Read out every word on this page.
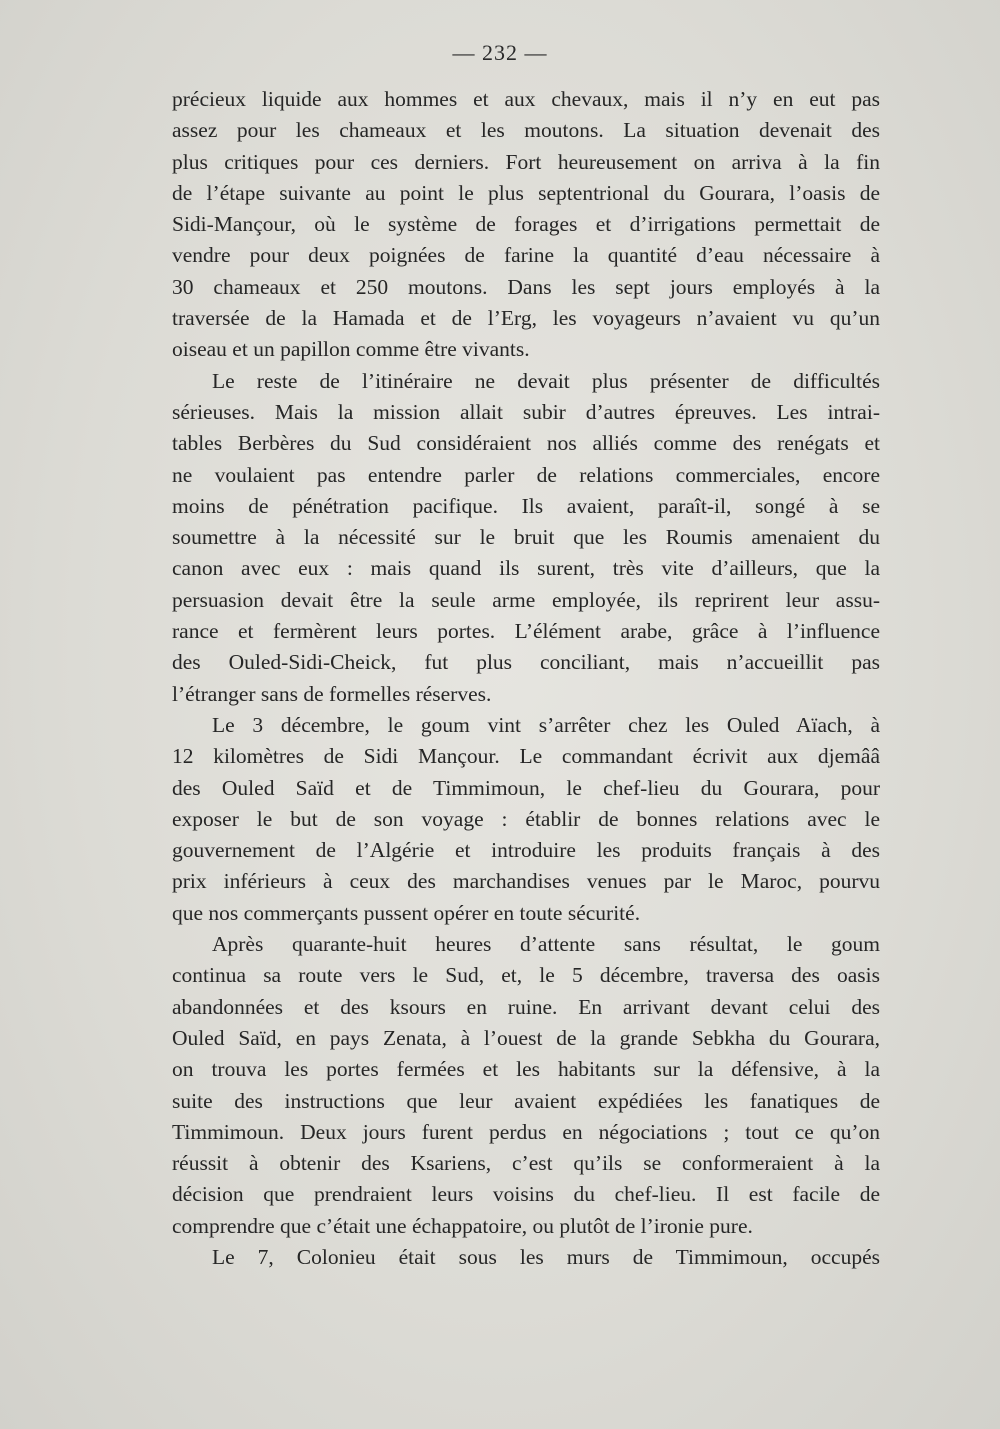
— 232 —

précieux liquide aux hommes et aux chevaux, mais il n’y en eut pas
assez pour les chameaux et les moutons. La situation devenait des
plus critiques pour ces derniers. Fort heureusement on arriva à la fin
de l’étape suivante au point le plus septentrional du Gourara, l’oasis de
Sidi-Mançour, où le système de forages et d’irrigations permettait de
vendre pour deux poignées de farine la quantité d’eau nécessaire à
30 chameaux et 250 moutons. Dans les sept jours employés à la
traversée de la Hamada et de l’Erg, les voyageurs n’avaient vu qu’un
oiseau et un papillon comme être vivants.

Le reste de l’itinéraire ne devait plus présenter de difficultés
sérieuses. Mais la mission allait subir d’autres épreuves. Les intrai-
tables Berbères du Sud considéraient nos alliés comme des renégats et
ne voulaient pas entendre parler de relations commerciales, encore
moins de pénétration pacifique. Ils avaient, paraît-il, songé à se
soumettre à la nécessité sur le bruit que les Roumis amenaient du
canon avec eux : mais quand ils surent, très vite d’ailleurs, que la
persuasion devait être la seule arme employée, ils reprirent leur assu-
rance et fermèrent leurs portes. L’élément arabe, grâce à l’influence
des Ouled-Sidi-Cheick, fut plus conciliant, mais n’accueillit pas
l’étranger sans de formelles réserves.

Le 3 décembre, le goum vint s’arrêter chez les Ouled Aïach, à
12 kilomètres de Sidi Mançour. Le commandant écrivit aux djemââ
des Ouled Saïd et de Timmimoun, le chef-lieu du Gourara, pour
exposer le but de son voyage : établir de bonnes relations avec le
gouvernement de l’Algérie et introduire les produits français à des
prix inférieurs à ceux des marchandises venues par le Maroc, pourvu
que nos commerçants pussent opérer en toute sécurité.

Après quarante-huit heures d’attente sans résultat, le goum
continua sa route vers le Sud, et, le 5 décembre, traversa des oasis
abandonnées et des ksours en ruine. En arrivant devant celui des
Ouled Saïd, en pays Zenata, à l’ouest de la grande Sebkha du Gourara,
on trouva les portes fermées et les habitants sur la défensive, à la
suite des instructions que leur avaient expédiées les fanatiques de
Timmimoun. Deux jours furent perdus en négociations ; tout ce qu’on
réussit à obtenir des Ksariens, c’est qu’ils se conformeraient à la
décision que prendraient leurs voisins du chef-lieu. Il est facile de
comprendre que c’était une échappatoire, ou plutôt de l’ironie pure.

Le 7, Colonieu était sous les murs de Timmimoun, occupés
